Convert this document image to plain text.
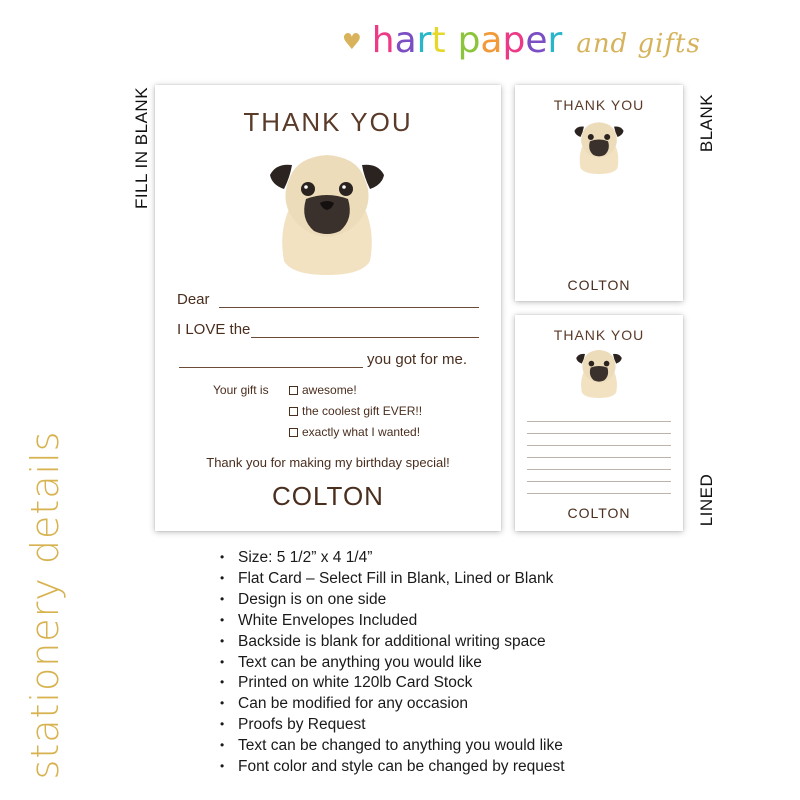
♥ hart paper and gifts
FILL IN BLANK	BLANK
LINED
stationery details
THANK YOU
Dear
I LOVE the
you got for me.
Your gift is	awesome!
the coolest gift EVER!!
exactly what I wanted!
Thank you for making my birthday special!
COLTON
THANK YOU
COLTON
THANK YOU
COLTON
• Size: 5 1/2” x 4 1/4”
• Flat Card – Select Fill in Blank, Lined or Blank
• Design is on one side
• White Envelopes Included
• Backside is blank for additional writing space
• Text can be anything you would like
• Printed on white 120lb Card Stock
• Can be modified for any occasion
• Proofs by Request
• Text can be changed to anything you would like
• Font color and style can be changed by request
